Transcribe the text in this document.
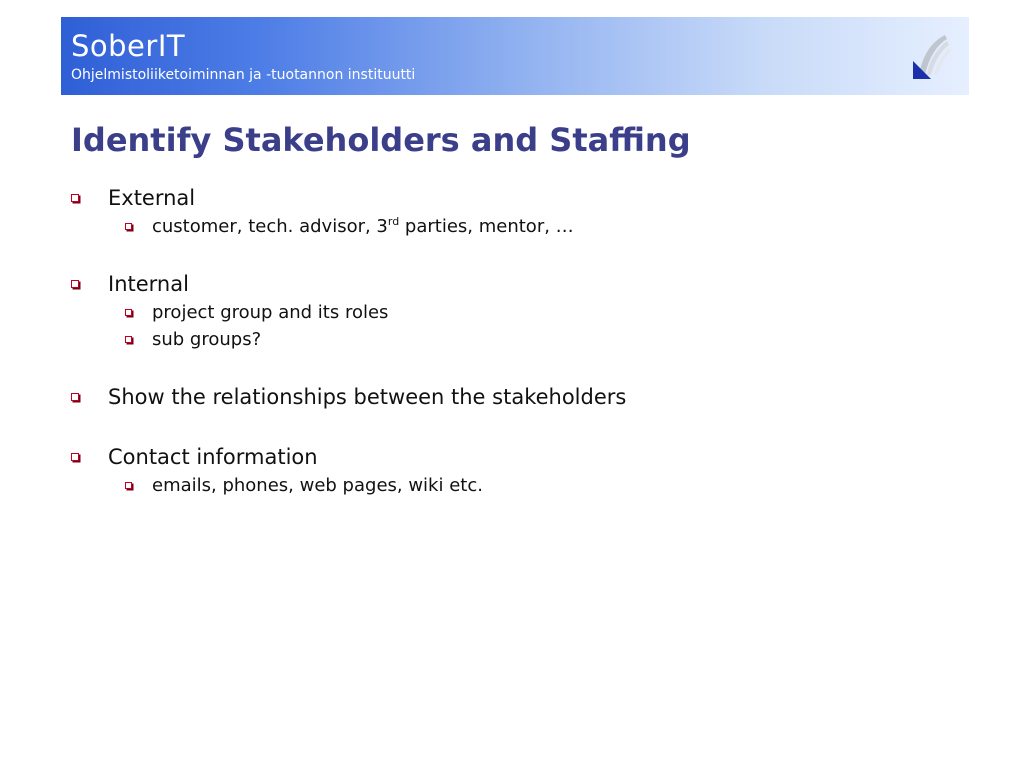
SoberIT
Ohjelmistoliiketoiminnan ja -tuotannon instituutti
Identify Stakeholders and Staffing
External
customer, tech. advisor, 3rd parties, mentor, …
Internal
project group and its roles
sub groups?
Show the relationships between the stakeholders
Contact information
emails, phones, web pages, wiki etc.
